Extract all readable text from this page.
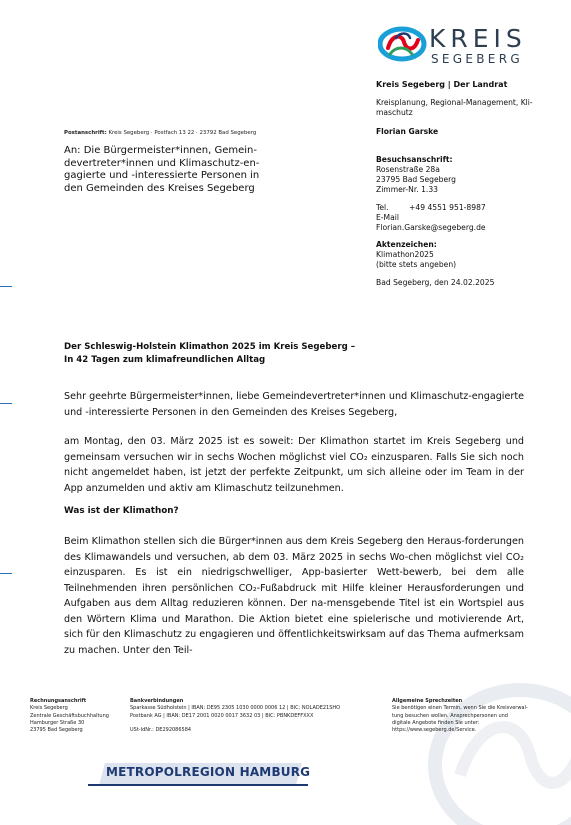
KREIS
SEGEBERG
Kreis Segeberg | Der Landrat
Kreisplanung, Regional-Management, Kli-
maschutz
Florian Garske
Besuchsanschrift:
Rosenstraße 28a
23795 Bad Segeberg
Zimmer-Nr. 1.33
Tel.	+49 4551 951-8987
E-Mail
Florian.Garske@segeberg.de
Aktenzeichen:
Klimathon2025
(bitte stets angeben)
Bad Segeberg, den 24.02.2025
Postanschrift: Kreis Segeberg · Postfach 13 22 · 23792 Bad Segeberg
An: Die Bürgermeister*innen, Gemein-
devertreter*innen und Klimaschutz-en-
gagierte und -interessierte Personen in
den Gemeinden des Kreises Segeberg
Der Schleswig-Holstein Klimathon 2025 im Kreis Segeberg –
In 42 Tagen zum klimafreundlichen Alltag
Sehr geehrte Bürgermeister*innen, liebe Gemeindevertreter*innen und Klimaschutz-engagierte und -interessierte Personen in den Gemeinden des Kreises Segeberg,
am Montag, den 03. März 2025 ist es soweit: Der Klimathon startet im Kreis Segeberg und gemeinsam versuchen wir in sechs Wochen möglichst viel CO₂ einzusparen. Falls Sie sich noch nicht angemeldet haben, ist jetzt der perfekte Zeitpunkt, um sich alleine oder im Team in der App anzumelden und aktiv am Klimaschutz teilzunehmen.
Was ist der Klimathon?
Beim Klimathon stellen sich die Bürger*innen aus dem Kreis Segeberg den Heraus-forderungen des Klimawandels und versuchen, ab dem 03. März 2025 in sechs Wo-chen möglichst viel CO₂ einzusparen. Es ist ein niedrigschwelliger, App-basierter Wett-bewerb, bei dem alle Teilnehmenden ihren persönlichen CO₂-Fußabdruck mit Hilfe kleiner Herausforderungen und Aufgaben aus dem Alltag reduzieren können. Der na-mensgebende Titel ist ein Wortspiel aus den Wörtern Klima und Marathon. Die Aktion bietet eine spielerische und motivierende Art, sich für den Klimaschutz zu engagieren und öffentlichkeitswirksam auf das Thema aufmerksam zu machen. Unter den Teil-
Rechnungsanschrift
Kreis Segeberg
Zentrale Geschäftsbuchhaltung
Hamburger Straße 30
23795 Bad Segeberg
Bankverbindungen
Sparkasse Südholstein | IBAN: DE95 2305 1030 0000 0006 12 | BIC: NOLADE21SHO
Postbank AG | IBAN: DE17 2001 0020 0017 3632 03 | BIC: PBNKDEFFXXX
USt-IdNr.: DE292086584
Allgemeine Sprechzeiten
Sie benötigen einen Termin, wenn Sie die Kreisverwal-
tung besuchen wollen. Ansprechpersonen und
digitale Angebote finden Sie unter:
https://www.segeberg.de/Service.
METROPOLREGION HAMBURG
